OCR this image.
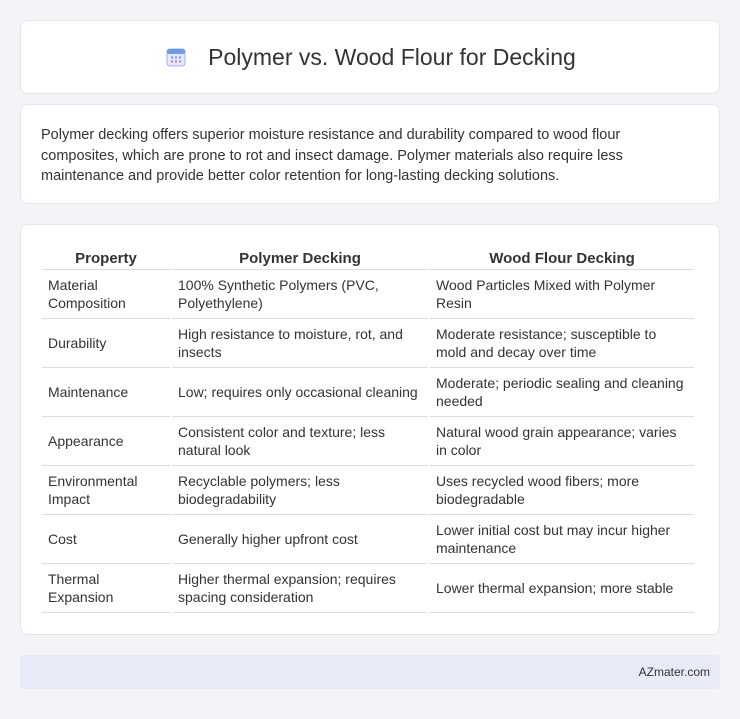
Polymer vs. Wood Flour for Decking

Polymer decking offers superior moisture resistance and durability compared to wood flour composites, which are prone to rot and insect damage. Polymer materials also require less maintenance and provide better color retention for long-lasting decking solutions.

Property	Polymer Decking	Wood Flour Decking
Material Composition	100% Synthetic Polymers (PVC, Polyethylene)	Wood Particles Mixed with Polymer Resin
Durability	High resistance to moisture, rot, and insects	Moderate resistance; susceptible to mold and decay over time
Maintenance	Low; requires only occasional cleaning	Moderate; periodic sealing and cleaning needed
Appearance	Consistent color and texture; less natural look	Natural wood grain appearance; varies in color
Environmental Impact	Recyclable polymers; less biodegradability	Uses recycled wood fibers; more biodegradable
Cost	Generally higher upfront cost	Lower initial cost but may incur higher maintenance
Thermal Expansion	Higher thermal expansion; requires spacing consideration	Lower thermal expansion; more stable
AZmater.com
